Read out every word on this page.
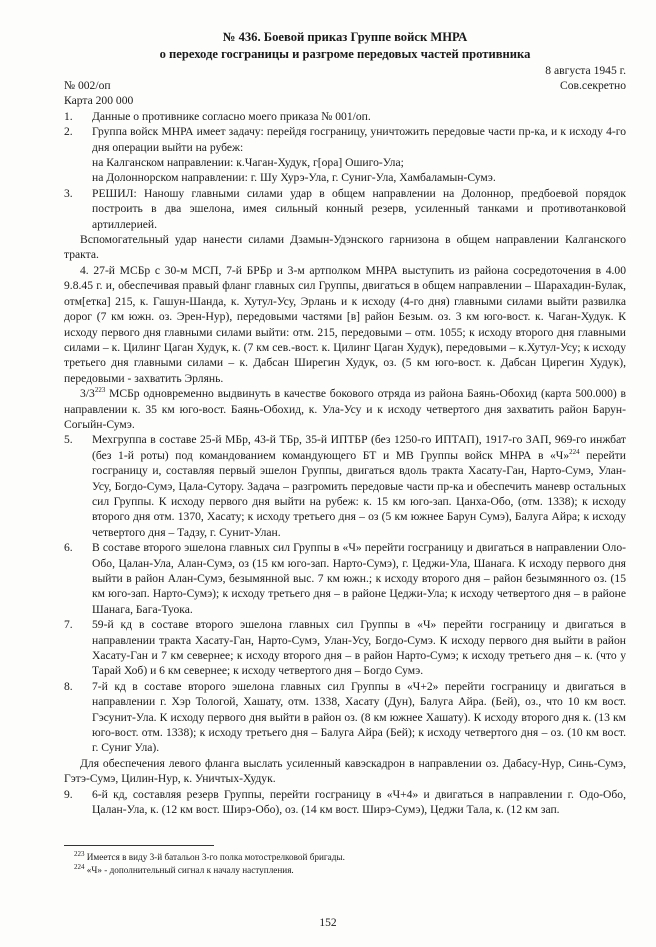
№ 436. Боевой приказ Группе войск МНРА
о переходе госграницы и разгроме передовых частей противника
№ 002/оп
Карта 200 000
8 августа 1945 г.
Сов.секретно
1.	Данные о противнике согласно моего приказа № 001/оп.
2.	Группа войск МНРА имеет задачу: перейдя госграницу, уничтожить передовые части пр-ка, и к исходу 4-го дня операции выйти на рубеж:
на Калганском направлении: к.Чаган-Худук, г[ора] Ошиго-Ула;
на Долоннорском направлении: г. Шу Хурэ-Ула, г. Суниг-Ула, Хамбаламын-Сумэ.
3.	РЕШИЛ: Наношу главными силами удар в общем направлении на Долоннор, предбоевой порядок построить в два эшелона, имея сильный конный резерв, усиленный танками и противотанковой артиллерией.

Вспомогательный удар нанести силами Дзамын-Удэнского гарнизона в общем направлении Калганского тракта.

4. 27-й МСБр с 30-м МСП, 7-й БРБр и 3-м артполком МНРА выступить из района сосредоточения в 4.00 9.8.45 г. и, обеспечивая правый фланг главных сил Группы, двигаться в общем направлении – Шарахадин-Булак, отм[етка] 215, к. Гашун-Шанда, к. Хутул-Усу, Эрлань и к исходу (4-го дня) главными силами выйти развилка дорог (7 км южн. оз. Эрен-Нур), передовыми частями [в] район Безым. оз. 3 км юго-вост. к. Чаган-Худук. К исходу первого дня главными силами выйти: отм. 215, передовыми – отм. 1055; к исходу второго дня главными силами – к. Цилинг Цаган Худук, к. (7 км сев.-вост. к. Цилинг Цаган Худук), передовыми – к.Хутул-Усу; к исходу третьего дня главными силами – к. Дабсан Ширегин Худук, оз. (5 км юго-вост. к. Дабсан Цирегин Худук), передовыми - захватить Эрлянь.

$3/3^{223}$ МСБр одновременно выдвинуть в качестве бокового отряда из района Баянь-Обохид (карта 500.000) в направлении к. 35 км юго-вост. Баянь-Обохид, к. Ула-Усу и к исходу четвертого дня захватить район Барун-Согыйн-Сумэ.

5.	Мехгруппа в составе 25-й МБр, 43-й ТБр, 35-й ИПТБР (без 1250-го ИПТАП), 1917-го ЗАП, 969-го инжбат (без 1-й роты) под командованием командующего БТ и МВ Группы войск МНРА в «Ч»$^{224}$ перейти госграницу и, составляя первый эшелон Группы, двигаться вдоль тракта Хасату-Ган, Нарто-Сумэ, Улан-Усу, Богдо-Сумэ, Цала-Сутору. Задача – разгромить передовые части пр-ка и обеспечить маневр остальных сил Группы. К исходу первого дня выйти на рубеж: к. 15 км юго-зап. Цанха-Обо, (отм. 1338); к исходу второго дня отм. 1370, Хасату; к исходу третьего дня – оз (5 км южнее Барун Сумэ), Балуга Айра; к исходу четвертого дня – Тадзу, г. Сунит-Улан.
6.	В составе второго эшелона главных сил Группы в «Ч» перейти госграницу и двигаться в направлении Оло-Обо, Цалан-Ула, Алан-Сумэ, оз (15 км юго-зап. Нарто-Сумэ), г. Цеджи-Ула, Шанага. К исходу первого дня выйти в район Алан-Сумэ, безымянной выс. 7 км южн.; к исходу второго дня – район безымянного оз. (15 км юго-зап. Нарто-Сумэ); к исходу третьего дня – в районе Цеджи-Ула; к исходу четвертого дня – в районе Шанага, Бага-Туока.
7.	59-й кд в составе второго эшелона главных сил Группы в «Ч» перейти госграницу и двигаться в направлении тракта Хасату-Ган, Нарто-Сумэ, Улан-Усу, Богдо-Сумэ. К исходу первого дня выйти в район Хасату-Ган и 7 км севернее; к исходу второго дня – в район Нарто-Сумэ; к исходу третьего дня – к. (что у Тарай Хоб) и 6 км севернее; к исходу четвертого дня – Богдо Сумэ.
8.	7-й кд в составе второго эшелона главных сил Группы в «Ч+2» перейти госграницу и двигаться в направлении г. Хэр Тологой, Хашату, отм. 1338, Хасату (Дун), Балуга Айра. (Бей), оз., что 10 км вост. Гэсунит-Ула. К исходу первого дня выйти в район оз. (8 км южнее Хашату). К исходу второго дня к. (13 км юго-вост. отм. 1338); к исходу третьего дня – Балуга Айра (Бей); к исходу четвертого дня – оз. (10 км вост. г. Суниг Ула).

Для обеспечения левого фланга выслать усиленный кавэскадрон в направлении оз. Дабасу-Нур, Синь-Сумэ, Гэтэ-Сумэ, Цилин-Нур, к. Уничтых-Худук.

9.	6-й кд, составляя резерв Группы, перейти госграницу в «Ч+4» и двигаться в направлении г. Одо-Обо, Цалан-Ула, к. (12 км вост. Ширэ-Обо), оз. (14 км вост. Ширэ-Сумэ), Цеджи Тала, к. (12 км зап.
$^{223}$ Имеется в виду 3-й батальон 3-го полка мотострелковой бригады.
$^{224}$ «Ч» - дополнительный сигнал к началу наступления.
152
